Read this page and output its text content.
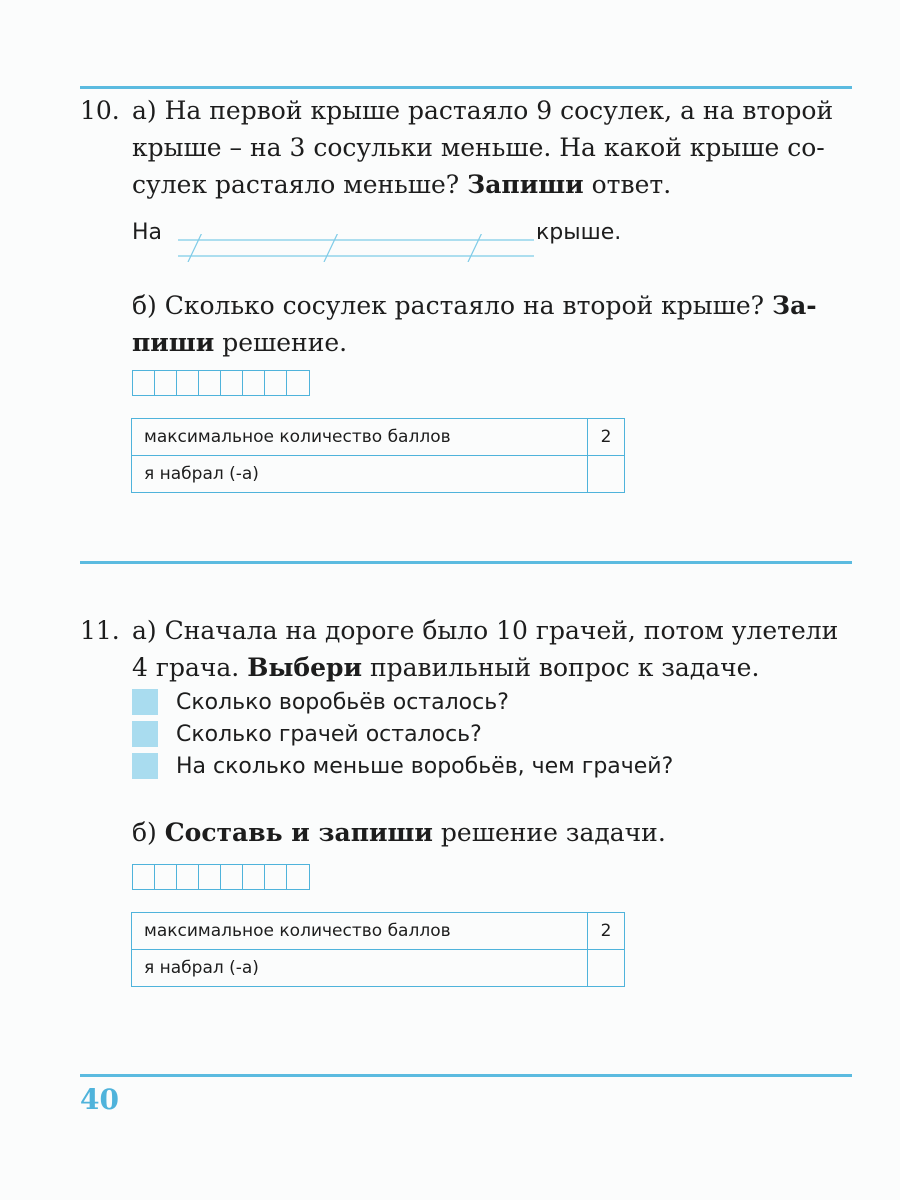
10. а) На первой крыше растаяло 9 сосулек, а на второй
крыше – на 3 сосульки меньше. На какой крыше со-
сулек растаяло меньше? Запиши ответ.
На	крыше.
б) Сколько сосулек растаяло на второй крыше? За-
пиши решение.
максимальное количество баллов	2
я набрал (-а)	
11. а) Сначала на дороге было 10 грачей, потом улетели
4 грача. Выбери правильный вопрос к задаче.
Сколько воробьёв осталось?
Сколько грачей осталось?
На сколько меньше воробьёв, чем грачей?
б) Составь и запиши решение задачи.
максимальное количество баллов	2
я набрал (-а)	
40
